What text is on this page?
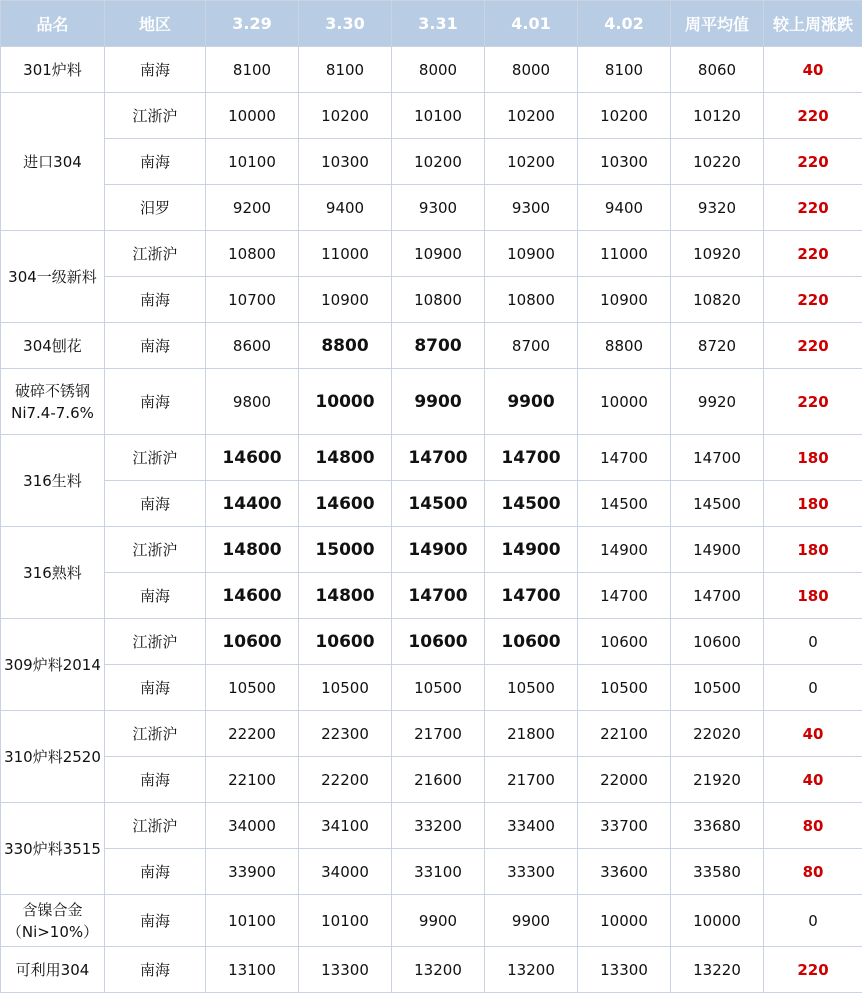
品名	地区	3.29	3.30	3.31	4.01	4.02	周平均值	较上周涨跌
301炉料	南海	8100	8100	8000	8000	8100	8060	40
进口304	江浙沪	10000	10200	10100	10200	10200	10120	220
	南海	10100	10300	10200	10200	10300	10220	220
	汨罗	9200	9400	9300	9300	9400	9320	220
304一级新料	江浙沪	10800	11000	10900	10900	11000	10920	220
	南海	10700	10900	10800	10800	10900	10820	220
304刨花	南海	8600	8800	8700	8700	8800	8720	220
破碎不锈钢
Ni7.4-7.6%	南海	9800	10000	9900	9900	10000	9920	220
316生料	江浙沪	14600	14800	14700	14700	14700	14700	180
	南海	14400	14600	14500	14500	14500	14500	180
316熟料	江浙沪	14800	15000	14900	14900	14900	14900	180
	南海	14600	14800	14700	14700	14700	14700	180
309炉料2014	江浙沪	10600	10600	10600	10600	10600	10600	0
	南海	10500	10500	10500	10500	10500	10500	0
310炉料2520	江浙沪	22200	22300	21700	21800	22100	22020	40
	南海	22100	22200	21600	21700	22000	21920	40
330炉料3515	江浙沪	34000	34100	33200	33400	33700	33680	80
	南海	33900	34000	33100	33300	33600	33580	80
含镍合金
（Ni>10%）	南海	10100	10100	9900	9900	10000	10000	0
可利用304	南海	13100	13300	13200	13200	13300	13220	220
